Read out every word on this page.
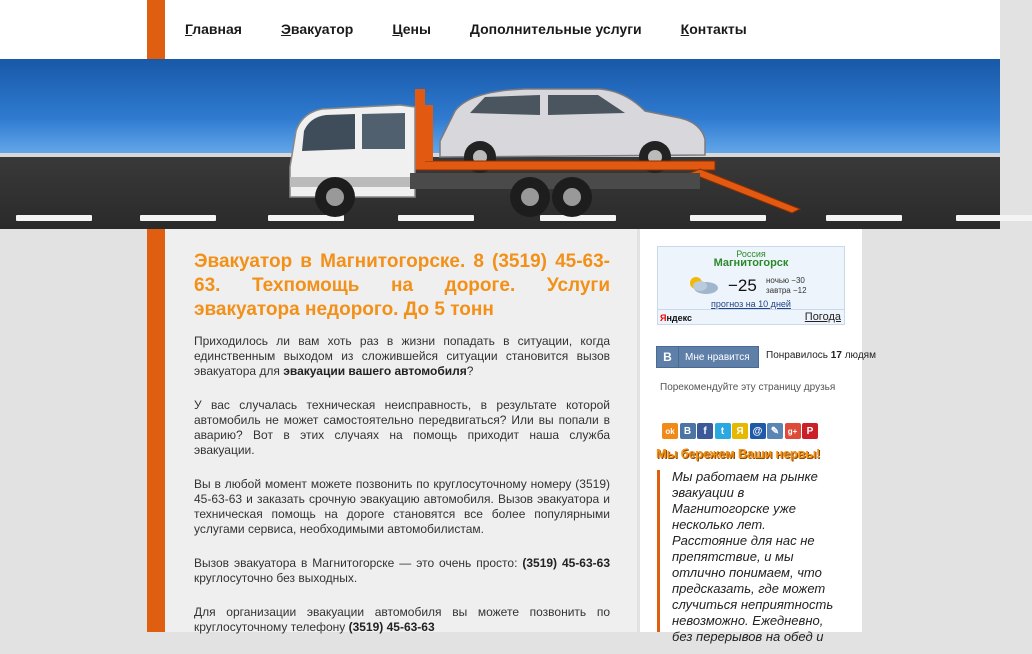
Главная	Эвакуатор	Цены	Дополнительные услуги	Контакты
Эвакуатор в Магнитогорске. 8 (3519) 45-63-63. Техпомощь на дороге. Услуги эвакуатора недорого. До 5 тонн

Приходилось ли вам хоть раз в жизни попадать в ситуации, когда единственным выходом из сложившейся ситуации становится вызов эвакуатора для эвакуации вашего автомобиля?

У вас случалась техническая неисправность, в результате которой автомобиль не может самостоятельно передвигаться? Или вы попали в аварию? Вот в этих случаях на помощь приходит наша служба эвакуации.

Вы в любой момент можете позвонить по круглосуточному номеру (3519) 45-63-63 и заказать срочную эвакуацию автомобиля. Вызов эвакуатора и техническая помощь на дороге становятся все более популярными услугами сервиса, необходимыми автомобилистам.

Вызов эвакуатора в Магнитогорске — это очень просто: (3519) 45-63-63 круглосуточно без выходных.

Для организации эвакуации автомобиля вы можете позвонить по круглосуточному телефону (3519) 45-63-63

Россия
Магнитогорск
−25 ночью −30
завтра −12
прогноз на 10 дней
Яндекс	Погода
В	Мне нравится Понравилось 17 людям
Порекомендуйте эту страницу друзья
ok В	f	t	Я @ ✎	g+ P
Мы бережем Ваши нервы!
Мы работаем на рынке эвакуации в Магнитогорске уже несколько лет. Расстояние для нас не препятствие, и мы отлично понимаем, что предсказать, где может случиться неприятность невозможно. Ежедневно, без перерывов на обед и
